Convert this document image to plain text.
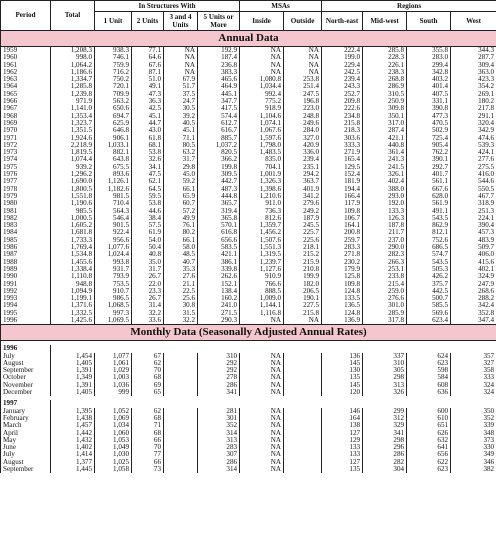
Period	Total	In Structures With				MSAs		Regions			
		1 Unit	2 Units	3 and 4 Units	5 Units or More	Inside	Outside	North-east	Mid-west	South	West
Annual Data											
1959	1,208.3	938.3	77.1	NA	192.9	NA	NA	222.4	285.8	355.8	344.3
1960	998.0	746.1	64.6	NA	187.4	NA	NA	199.0	228.3	283.0	287.7
1961	1,064.2	759.9	67.6	NA	236.8	NA	NA	229.4	226.1	299.4	309.4
1962	1,186.6	716.2	87.1	NA	383.3	NA	NA	242.5	238.3	342.8	363.0
1963	1,334.7	750.2	51.0	67.9	465.6	1,080.8	253.8	239.4	268.8	403.2	423.3
1964	1,285.8	720.1	49.1	51.7	464.9	1,034.4	251.4	243.3	286.9	401.4	354.2
1965	1,239.8	709.9	47.3	37.5	445.1	992.4	247.5	252.7	310.5	407.5	269.1
1966	971.9	563.2	36.3	24.7	347.7	775.2	196.8	209.8	250.9	331.1	180.2
1967	1,141.0	650.6	42.5	30.5	417.5	918.9	223.0	222.6	309.8	390.8	217.8
1968	1,353.4	694.7	45.1	39.2	574.4	1,104.6	248.8	234.8	350.1	477.3	291.1
1969	1,323.7	625.9	44.7	40.5	612.7	1,074.1	249.6	215.8	317.0	470.5	320.4
1970	1,351.5	646.8	43.0	45.1	616.7	1,067.6	284.0	218.3	287.4	502.9	342.9
1971	1,924.6	906.1	61.8	71.1	885.7	1,597.6	327.0	303.6	421.1	725.4	474.6
1972	2,218.9	1,033.1	68.1	80.5	1,037.2	1,798.0	420.9	333.3	440.8	905.4	539.3
1973	1,819.5	882.1	53.8	63.2	820.5	1,483.5	336.0	271.9	361.4	762.2	424.1
1974	1,074.4	643.8	32.6	31.7	366.2	835.0	239.4	165.4	241.3	390.1	277.6
1975	939.2	675.5	34.1	29.8	199.8	704.1	235.1	129.5	241.5	292.7	275.5
1976	1,296.2	893.6	47.5	45.0	309.5	1,001.9	294.2	152.4	326.1	401.7	416.0
1977	1,690.0	1,126.1	62.1	59.2	442.7	1,326.3	363.7	181.9	402.4	561.1	544.6
1978	1,800.5	1,182.6	64.5	66.1	487.3	1,398.6	401.9	194.4	388.0	667.6	550.5
1979	1,551.8	981.5	59.5	65.9	444.8	1,210.6	341.2	166.4	293.0	628.0	467.7
1980	1,190.6	710.4	53.8	60.7	365.7	911.0	279.6	117.9	192.0	561.9	318.9
1981	985.5	564.3	44.6	57.2	319.4	736.3	249.2	109.8	133.3	491.1	251.3
1982	1,000.5	546.4	38.4	49.9	365.8	812.6	187.9	106.7	126.3	543.5	224.1
1983	1,605.2	901.5	57.5	76.1	570.1	1,359.7	245.5	164.1	187.8	862.9	390.4
1984	1,681.8	922.4	61.9	80.2	616.8	1,456.2	225.7	200.8	211.7	812.1	457.3
1985	1,733.3	956.6	54.0	66.1	656.6	1,507.6	225.6	259.7	237.0	752.6	483.9
1986	1,769.4	1,077.6	50.4	58.0	583.5	1,551.3	218.1	283.3	290.0	686.5	509.7
1987	1,534.8	1,024.4	40.8	48.5	421.1	1,319.5	215.2	271.8	282.3	574.7	406.0
1988	1,455.6	993.8	35.0	40.7	386.1	1,239.7	215.9	230.2	266.3	543.5	415.6
1989	1,338.4	931.7	31.7	35.3	339.8	1,127.6	210.8	179.9	253.1	505.3	402.1
1990	1,110.8	793.9	26.7	27.6	262.6	910.9	199.9	125.8	233.8	426.2	324.9
1991	948.8	753.5	22.0	21.1	152.1	766.6	182.0	109.8	215.4	375.7	247.9
1992	1,094.9	910.7	23.3	22.5	138.4	888.5	206.5	124.8	259.0	442.5	268.6
1993	1,199.1	986.5	26.7	25.6	160.2	1,009.0	190.1	133.5	276.6	500.7	288.2
1994	1,371.6	1,068.5	31.4	30.8	241.0	1,144.1	227.5	136.5	301.0	585.5	342.4
1995	1,332.5	997.3	32.2	31.5	271.5	1,116.8	215.8	124.8	285.9	569.6	352.8
1996	1,425.6	1,069.5	33.6	32.2	290.3	NA	NA	136.9	317.8	623.4	347.4
Monthly Data (Seasonally Adjusted Annual Rates)											

1996											
July	1,454	1,077	67		310	NA		136	337	624	357
August	1,405	1,061	62		292	NA		145	310	623	327
September	1,391	1,029	70		292	NA		130	305	598	358
October	1,349	1,003	68		278	NA		135	298	584	333
November	1,391	1,036	69		286	NA		145	313	608	324
December	1,405	999	65		341	NA		120	326	636	324

1997											
January	1,395	1,052	62		281	NA		146	299	600	350
February	1,438	1,069	68		301	NA		164	312	610	352
March	1,457	1,034	71		352	NA		138	329	651	339
April	1,442	1,060	68		314	NA		127	341	626	348
May	1,432	1,053	66		313	NA		129	298	632	373
June	1,402	1,049	70		283	NA		133	296	641	330
July	1,414	1,030	77		307	NA		133	286	656	349
August	1,377	1,025	66		286	NA		127	282	622	346
September	1,445	1,058	73		314	NA		135	304	623	382
